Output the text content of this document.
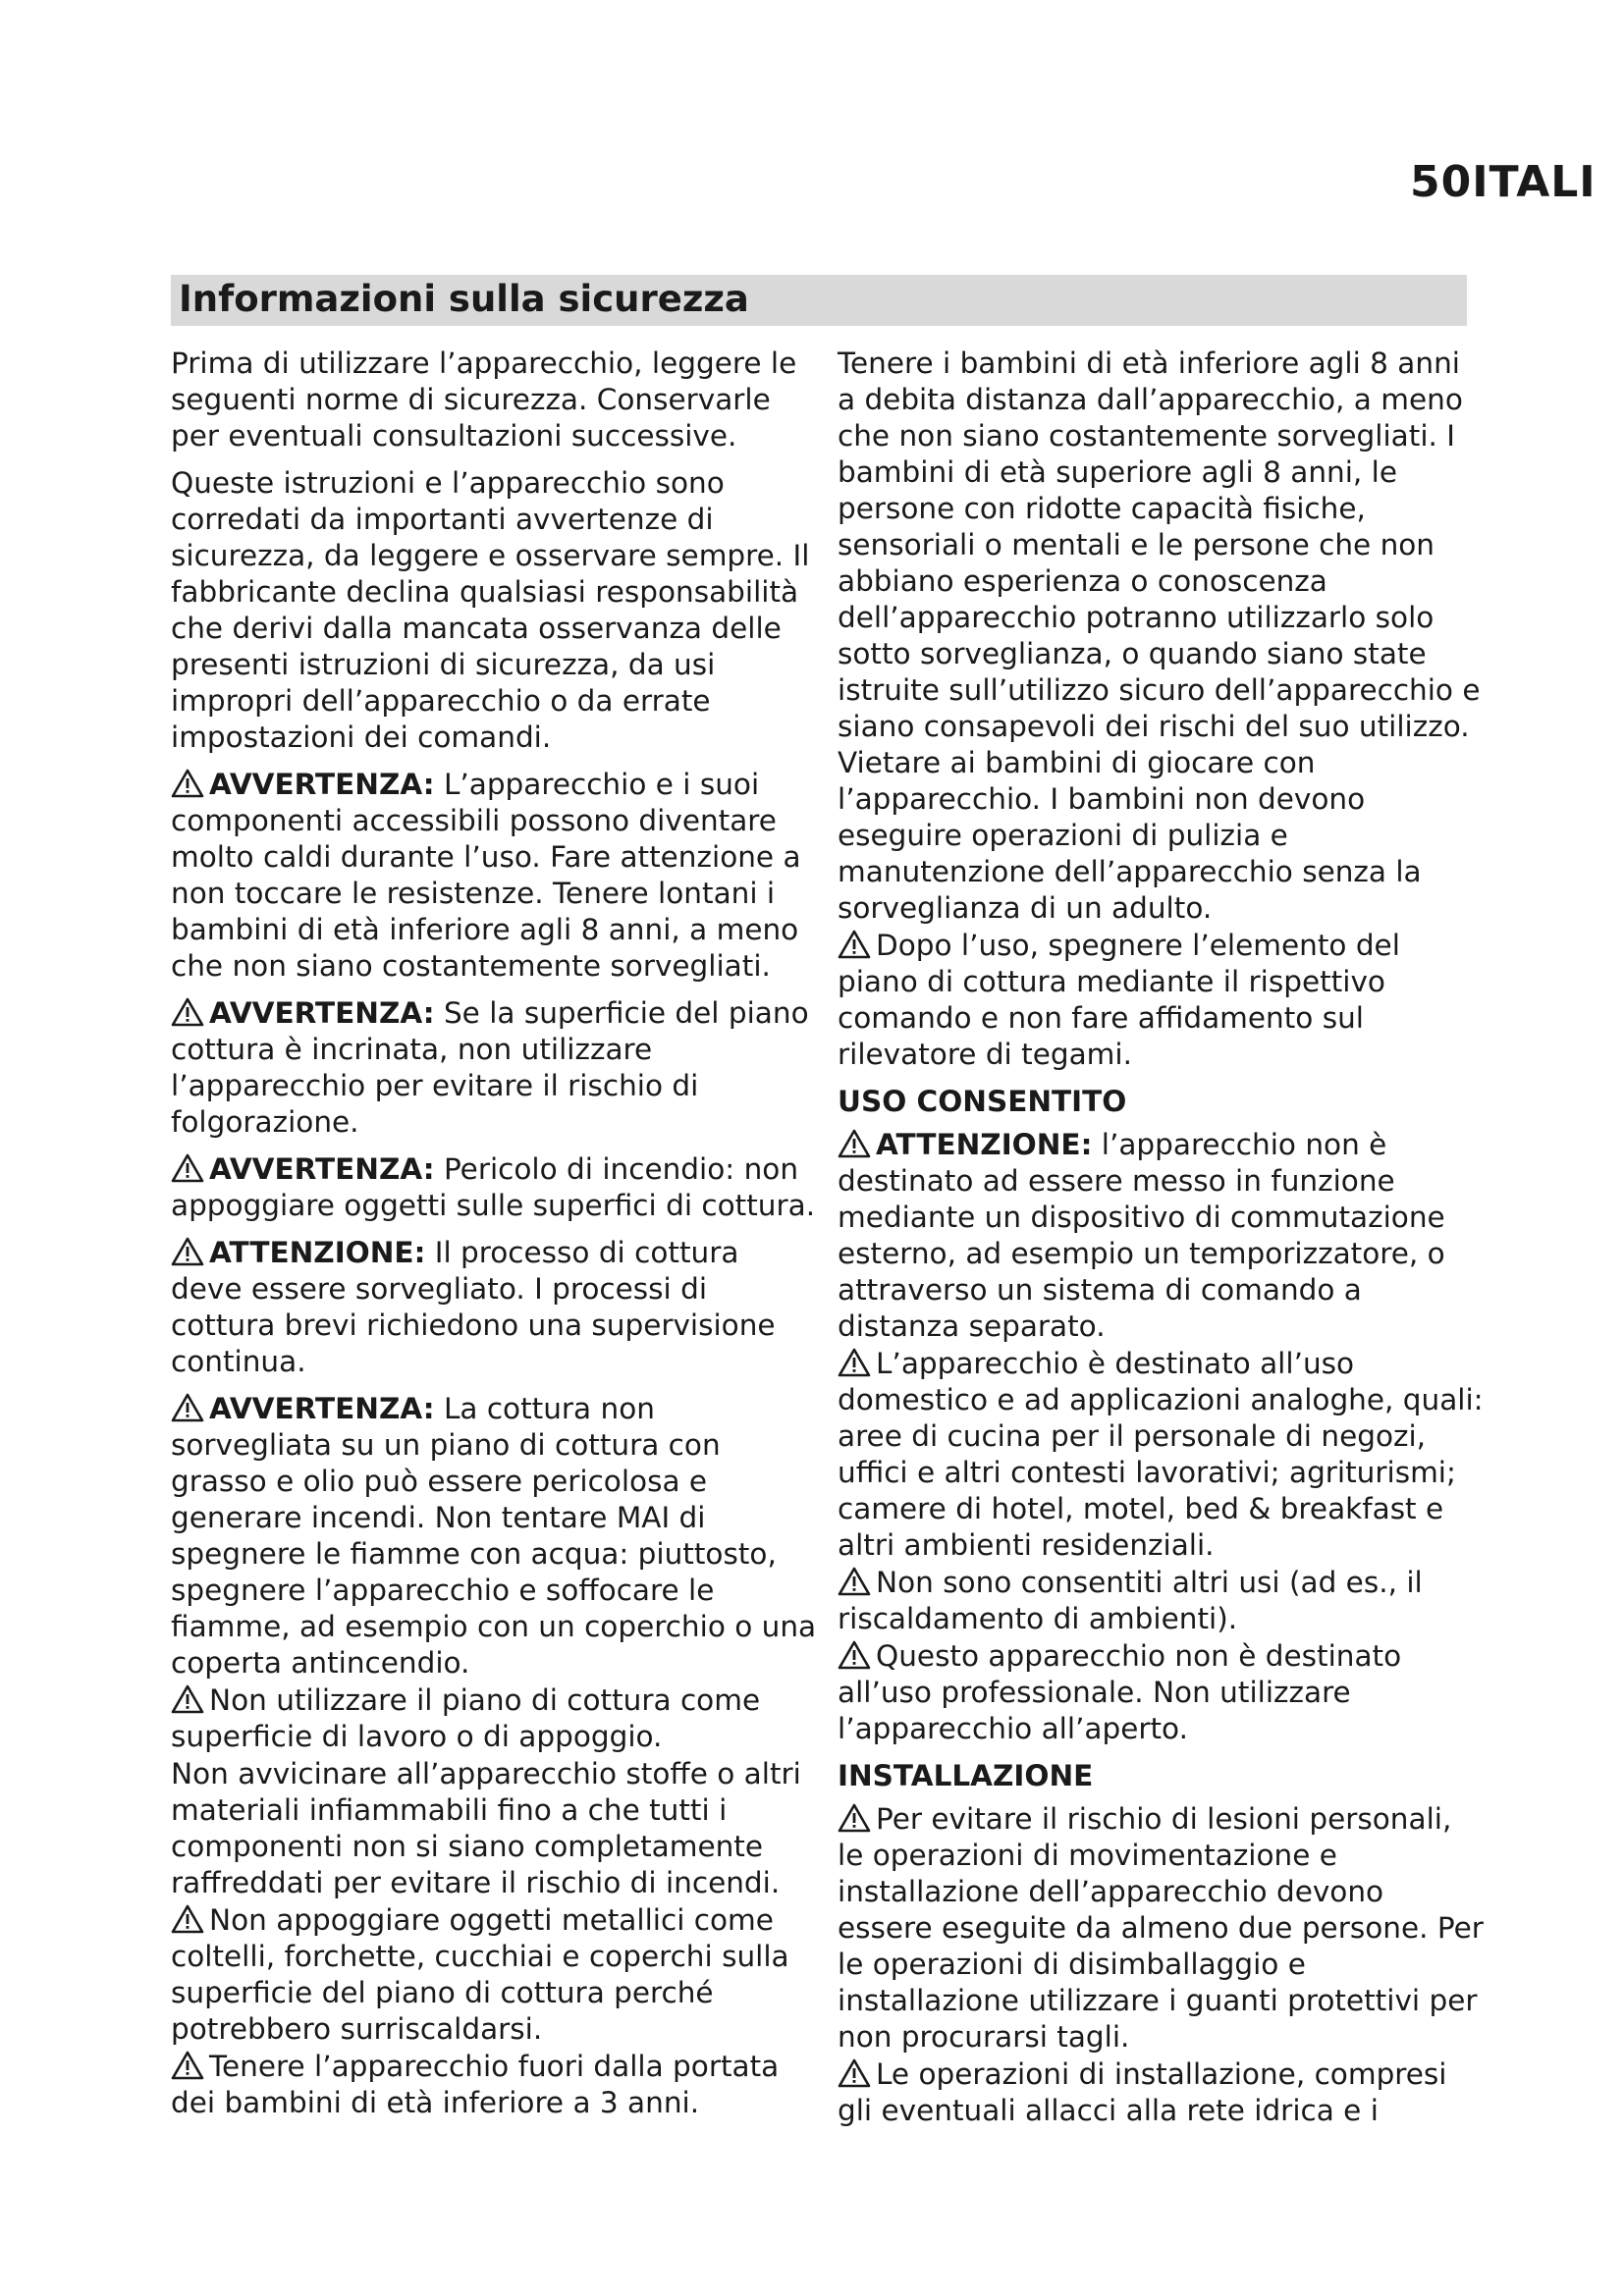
50ITALI
Informazioni sulla sicurezza

Prima di utilizzare l’apparecchio, leggere le seguenti norme di sicurezza. Conservarle per eventuali consultazioni successive.

Queste istruzioni e l’apparecchio sono corredati da importanti avvertenze di sicurezza, da leggere e osservare sempre. Il fabbricante declina qualsiasi responsabilità che derivi dalla mancata osservanza delle presenti istruzioni di sicurezza, da usi impropri dell’apparecchio o da errate impostazioni dei comandi.

AVVERTENZA: L’apparecchio e i suoi componenti accessibili possono diventare molto caldi durante l’uso. Fare attenzione a non toccare le resistenze. Tenere lontani i bambini di età inferiore agli 8 anni, a meno che non siano costantemente sorvegliati.

AVVERTENZA: Se la superficie del piano cottura è incrinata, non utilizzare l’apparecchio per evitare il rischio di folgorazione.

AVVERTENZA: Pericolo di incendio: non appoggiare oggetti sulle superfici di cottura.

ATTENZIONE: Il processo di cottura deve essere sorvegliato. I processi di cottura brevi richiedono una supervisione continua.

AVVERTENZA: La cottura non sorvegliata su un piano di cottura con grasso e olio può essere pericolosa e generare incendi. Non tentare MAI di spegnere le fiamme con acqua: piuttosto, spegnere l’apparecchio e soffocare le fiamme, ad esempio con un coperchio o una coperta antincendio.

Non utilizzare il piano di cottura come superficie di lavoro o di appoggio.

Non avvicinare all’apparecchio stoffe o altri materiali infiammabili fino a che tutti i componenti non si siano completamente raffreddati per evitare il rischio di incendi.

Non appoggiare oggetti metallici come coltelli, forchette, cucchiai e coperchi sulla superficie del piano di cottura perché potrebbero surriscaldarsi.

Tenere l’apparecchio fuori dalla portata dei bambini di età inferiore a 3 anni.

Tenere i bambini di età inferiore agli 8 anni a debita distanza dall’apparecchio, a meno che non siano costantemente sorvegliati. I bambini di età superiore agli 8 anni, le persone con ridotte capacità fisiche, sensoriali o mentali e le persone che non abbiano esperienza o conoscenza dell’apparecchio potranno utilizzarlo solo sotto sorveglianza, o quando siano state istruite sull’utilizzo sicuro dell’apparecchio e siano consapevoli dei rischi del suo utilizzo. Vietare ai bambini di giocare con l’apparecchio. I bambini non devono eseguire operazioni di pulizia e manutenzione dell’apparecchio senza la sorveglianza di un adulto.

Dopo l’uso, spegnere l’elemento del piano di cottura mediante il rispettivo comando e non fare affidamento sul rilevatore di tegami.

USO CONSENTITO

ATTENZIONE: l’apparecchio non è destinato ad essere messo in funzione mediante un dispositivo di commutazione esterno, ad esempio un temporizzatore, o attraverso un sistema di comando a distanza separato.

L’apparecchio è destinato all’uso domestico e ad applicazioni analoghe, quali: aree di cucina per il personale di negozi, uffici e altri contesti lavorativi; agriturismi; camere di hotel, motel, bed & breakfast e altri ambienti residenziali.

Non sono consentiti altri usi (ad es., il riscaldamento di ambienti).

Questo apparecchio non è destinato all’uso professionale. Non utilizzare l’apparecchio all’aperto.

INSTALLAZIONE

Per evitare il rischio di lesioni personali, le operazioni di movimentazione e installazione dell’apparecchio devono essere eseguite da almeno due persone. Per le operazioni di disimballaggio e installazione utilizzare i guanti protettivi per non procurarsi tagli.

Le operazioni di installazione, compresi gli eventuali allacci alla rete idrica e i
